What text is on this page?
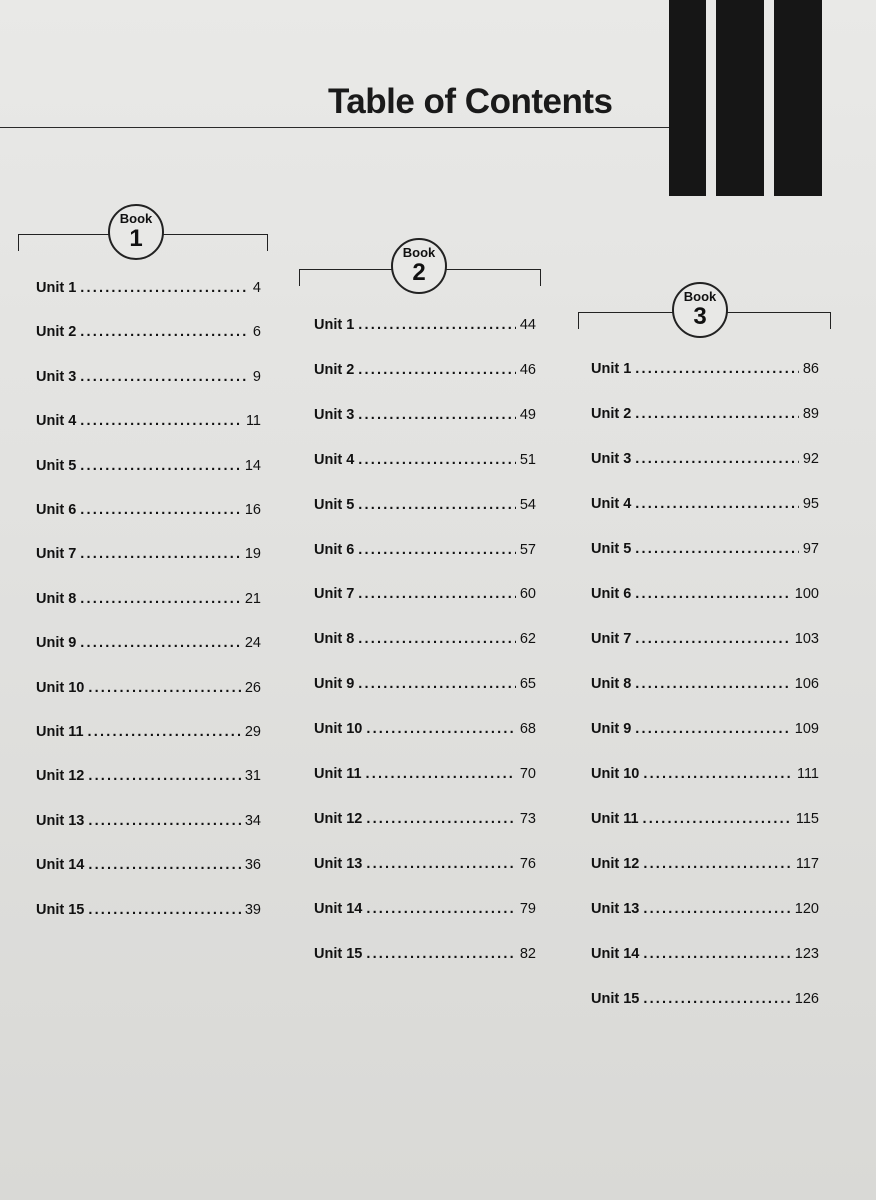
Table of Contents
Book
1
Unit 1 .....	4
Unit 2 .....	6
Unit 3 .....	9
Unit 4 .....	11
Unit 5 .....	14
Unit 6 .....	16
Unit 7 .....	19
Unit 8 .....	21
Unit 9 .....	24
Unit 10 .....	26
Unit 11 .....	29
Unit 12 .....	31
Unit 13 .....	34
Unit 14 .....	36
Unit 15 .....	39
Book
2
Unit 1 .....	44
Unit 2 .....	46
Unit 3 .....	49
Unit 4 .....	51
Unit 5 .....	54
Unit 6 .....	57
Unit 7 .....	60
Unit 8 .....	62
Unit 9 .....	65
Unit 10 .....	68
Unit 11 .....	70
Unit 12 .....	73
Unit 13 .....	76
Unit 14 .....	79
Unit 15 .....	82
Book
3
Unit 1 .....	86
Unit 2 .....	89
Unit 3 .....	92
Unit 4 .....	95
Unit 5 .....	97
Unit 6 .....	100
Unit 7 .....	103
Unit 8 .....	106
Unit 9 .....	109
Unit 10 .....	111
Unit 11 .....	115
Unit 12 .....	117
Unit 13 .....	120
Unit 14 .....	123
Unit 15 .....	126
